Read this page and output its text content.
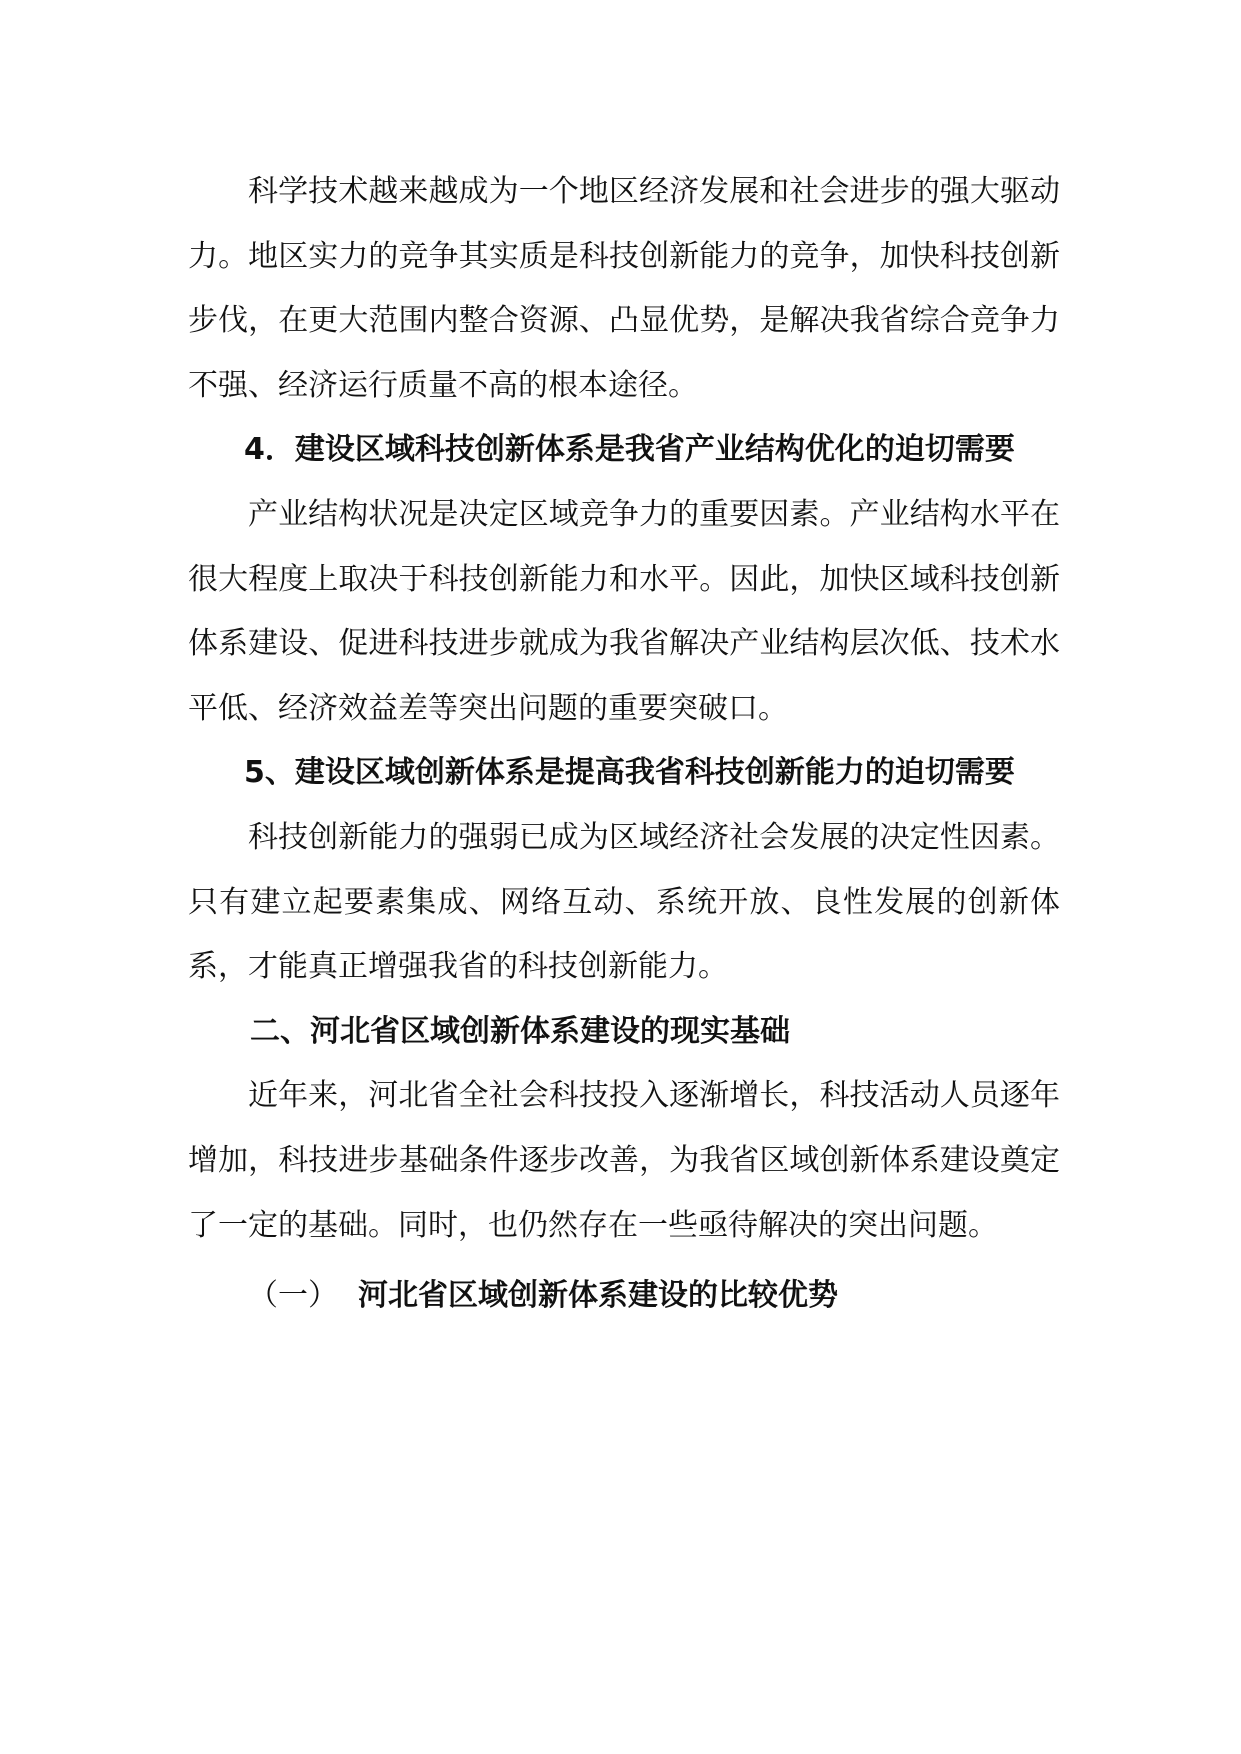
科学技术越来越成为一个地区经济发展和社会进步的强大驱动力。地区实力的竞争其实质是科技创新能力的竞争，加快科技创新步伐，在更大范围内整合资源、凸显优势，是解决我省综合竞争力不强、经济运行质量不高的根本途径。

4．建设区域科技创新体系是我省产业结构优化的迫切需要

产业结构状况是决定区域竞争力的重要因素。产业结构水平在很大程度上取决于科技创新能力和水平。因此，加快区域科技创新体系建设、促进科技进步就成为我省解决产业结构层次低、技术水平低、经济效益差等突出问题的重要突破口。

5、建设区域创新体系是提高我省科技创新能力的迫切需要

科技创新能力的强弱已成为区域经济社会发展的决定性因素。只有建立起要素集成、网络互动、系统开放、良性发展的创新体系，才能真正增强我省的科技创新能力。

二、河北省区域创新体系建设的现实基础

近年来，河北省全社会科技投入逐渐增长，科技活动人员逐年增加，科技进步基础条件逐步改善，为我省区域创新体系建设奠定了一定的基础。同时，也仍然存在一些亟待解决的突出问题。

（一） 河北省区域创新体系建设的比较优势
